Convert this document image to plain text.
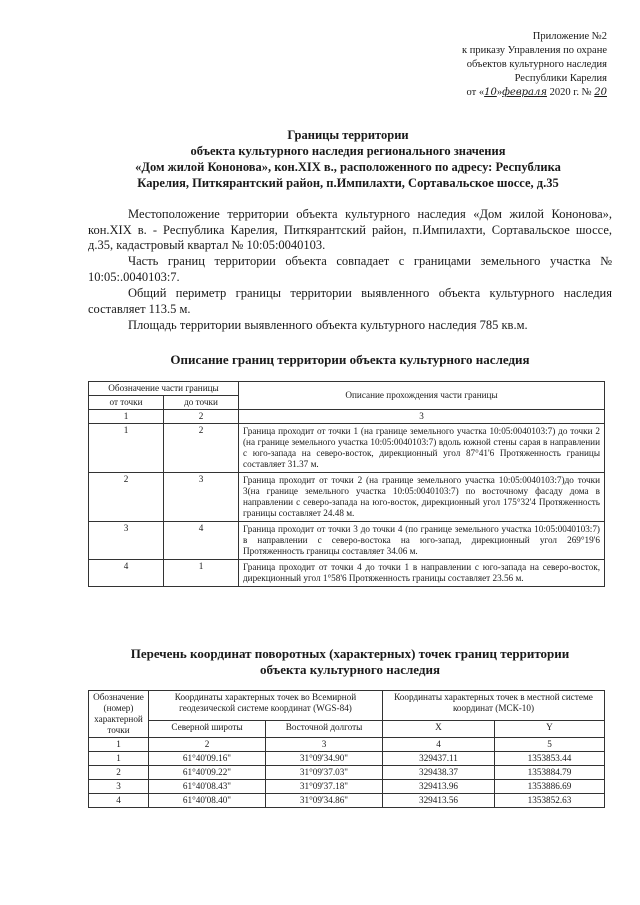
Приложение №2
к приказу Управления по охране
объектов культурного наследия
Республики Карелия
от «10»февраля 2020 г. № 20
Границы территории
объекта культурного наследия регионального значения
«Дом жилой Кононова», кон.XIX в., расположенного по адресу: Республика
Карелия, Питкярантский район, п.Импилахти, Сортавальское шоссе, д.35
Местоположение территории объекта культурного наследия «Дом жилой Кононова», кон.XIX в. - Республика Карелия, Питкярантский район, п.Импилахти, Сортавальское шоссе, д.35, кадастровый квартал № 10:05:0040103.
Часть границ территории объекта совпадает с границами земельного участка № 10:05:.0040103:7.
Общий периметр границы территории выявленного объекта культурного наследия составляет 113.5 м.
Площадь территории выявленного объекта культурного наследия 785 кв.м.
Описание границ территории объекта культурного наследия
Обозначение части границы		Описание прохождения части границы
от точки	до точки	
1	2	3
1	2	Граница проходит от точки 1 (на границе земельного участка 10:05:0040103:7) до точки 2 (на границе земельного участка 10:05:0040103:7) вдоль южной стены сарая в направлении с юго-запада на северо-восток, дирекционный угол 87°41'6 Протяженность границы составляет 31.37 м.
2	3	Граница проходит от точки 2 (на границе земельного участка 10:05:0040103:7)до точки 3(на границе земельного участка 10:05:0040103:7) по восточному фасаду дома в направлении с северо-запада на юго-восток, дирекционный угол 175°32'4 Протяженность границы составляет 24.48 м.
3	4	Граница проходит от точки 3 до точки 4 (по границе земельного участка 10:05:0040103:7) в направлении с северо-востока на юго-запад, дирекционный угол 269°19'6 Протяженность границы составляет 34.06 м.
4	1	Граница проходит от точки 4 до точки 1 в направлении с юго-запада на северо-восток, дирекционный угол 1°58'6 Протяженность границы составляет 23.56 м.
Перечень координат поворотных (характерных) точек границ территории
объекта культурного наследия
Обозначение (номер) характерной точки	Координаты характерных точек во Всемирной геодезической системе координат (WGS-84)		Координаты характерных точек в местной системе координат (МСК-10)	
	Северной широты	Восточной долготы	X	Y
1	2	3	4	5
1	61°40'09.16"	31°09'34.90"	329437.11	1353853.44
2	61°40'09.22"	31°09'37.03"	329438.37	1353884.79
3	61°40'08.43"	31°09'37.18"	329413.96	1353886.69
4	61°40'08.40"	31°09'34.86"	329413.56	1353852.63
